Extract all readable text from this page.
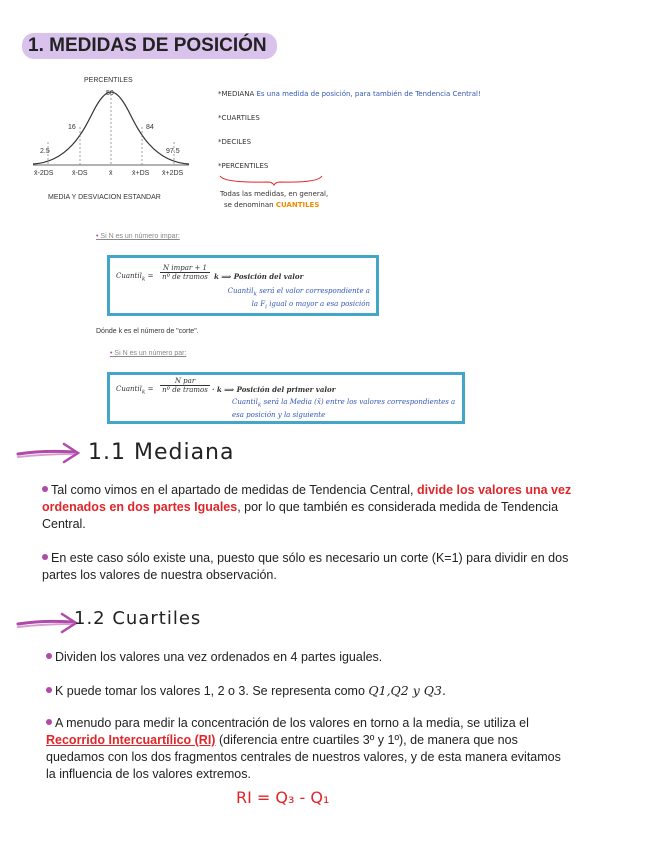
1. MEDIDAS DE POSICIÓN
PERCENTILES
50
16	84
2.5	97.5
x̄-2DS	x̄-DS	x̄	x̄+DS x̄+2DS
MEDIA Y DESVIACION ESTANDAR
*MEDIANA Es una medida de posición, para también de Tendencia Central!
*CUARTILES
*DECILES
*PERCENTILES
Todas las medidas, en general,
se denominan CUANTILES
• Si N es un número impar:
Cuantil$_k$ =
N impar + 1
nº de tramos k ⟹ Posición del valor
Cuantil$_k$ será el valor correspondiente a
la $F_i$ igual o mayor a esa posición
Dónde k es el número de "corte".
• Si N es un número par:
Cuantil$_k$ =
N par
nº de tramos · k ⟹ Posición del primer valor
Cuantil$_k$ será la Media (x̄) entre los valores correspondientes a
esa posición y la siguiente
1.1 Mediana
Tal como vimos en el apartado de medidas de Tendencia Central, divide los valores una vez ordenados en dos partes Iguales, por lo que también es considerada medida de Tendencia Central.
En este caso sólo existe una, puesto que sólo es necesario un corte (K=1) para dividir en dos partes los valores de nuestra observación.
1.2 Cuartiles
Dividen los valores una vez ordenados en 4 partes iguales.
K puede tomar los valores 1, 2 o 3. Se representa como Q1,Q2 y Q3.
A menudo para medir la concentración de los valores en torno a la media, se utiliza el Recorrido Intercuartílico (RI) (diferencia entre cuartiles 3º y 1º), de manera que nos quedamos con los dos fragmentos centrales de nuestros valores, y de esta manera evitamos la influencia de los valores extremos.
RI = Q₃ - Q₁
